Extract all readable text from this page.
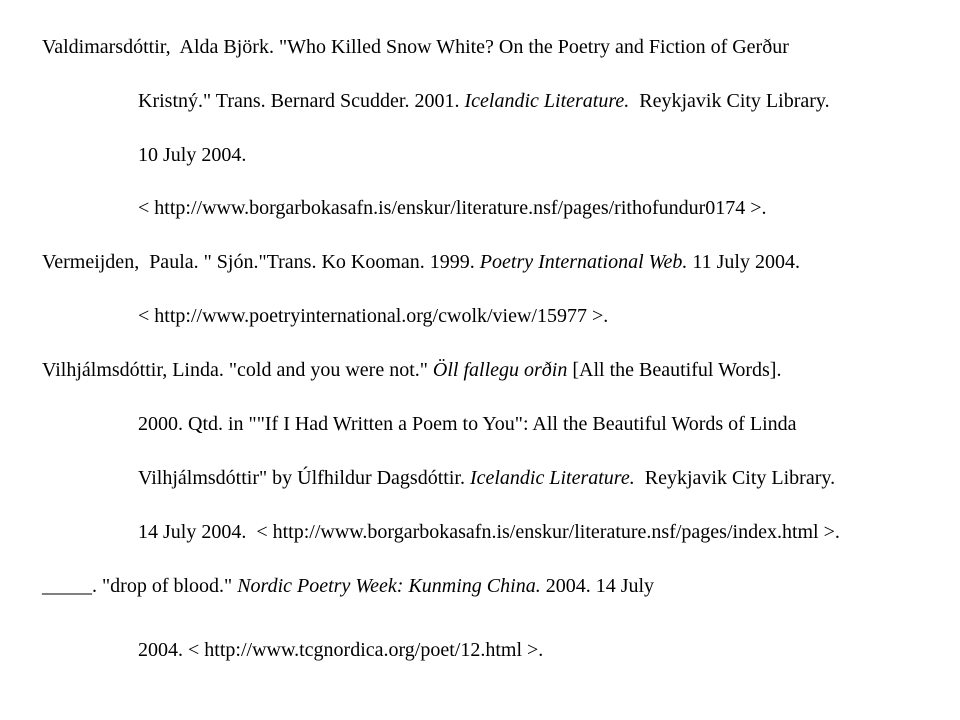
Valdimarsdóttir,  Alda Björk. "Who Killed Snow White? On the Poetry and Fiction of Gerður
Kristný." Trans. Bernard Scudder. 2001. Icelandic Literature.  Reykjavik City Library.
10 July 2004.
< http://www.borgarbokasafn.is/enskur/literature.nsf/pages/rithofundur0174 >.
Vermeijden,  Paula. " Sjón."Trans. Ko Kooman. 1999. Poetry International Web. 11 July 2004.
< http://www.poetryinternational.org/cwolk/view/15977 >.
Vilhjálmsdóttir, Linda. "cold and you were not." Öll fallegu orðin [All the Beautiful Words].
2000. Qtd. in ""If I Had Written a Poem to You": All the Beautiful Words of Linda
Vilhjálmsdóttir" by Úlfhildur Dagsdóttir. Icelandic Literature.  Reykjavik City Library.
14 July 2004.  < http://www.borgarbokasafn.is/enskur/literature.nsf/pages/index.html >.
_____. "drop of blood." Nordic Poetry Week: Kunming China. 2004. 14 July
2004. < http://www.tcgnordica.org/poet/12.html >.
